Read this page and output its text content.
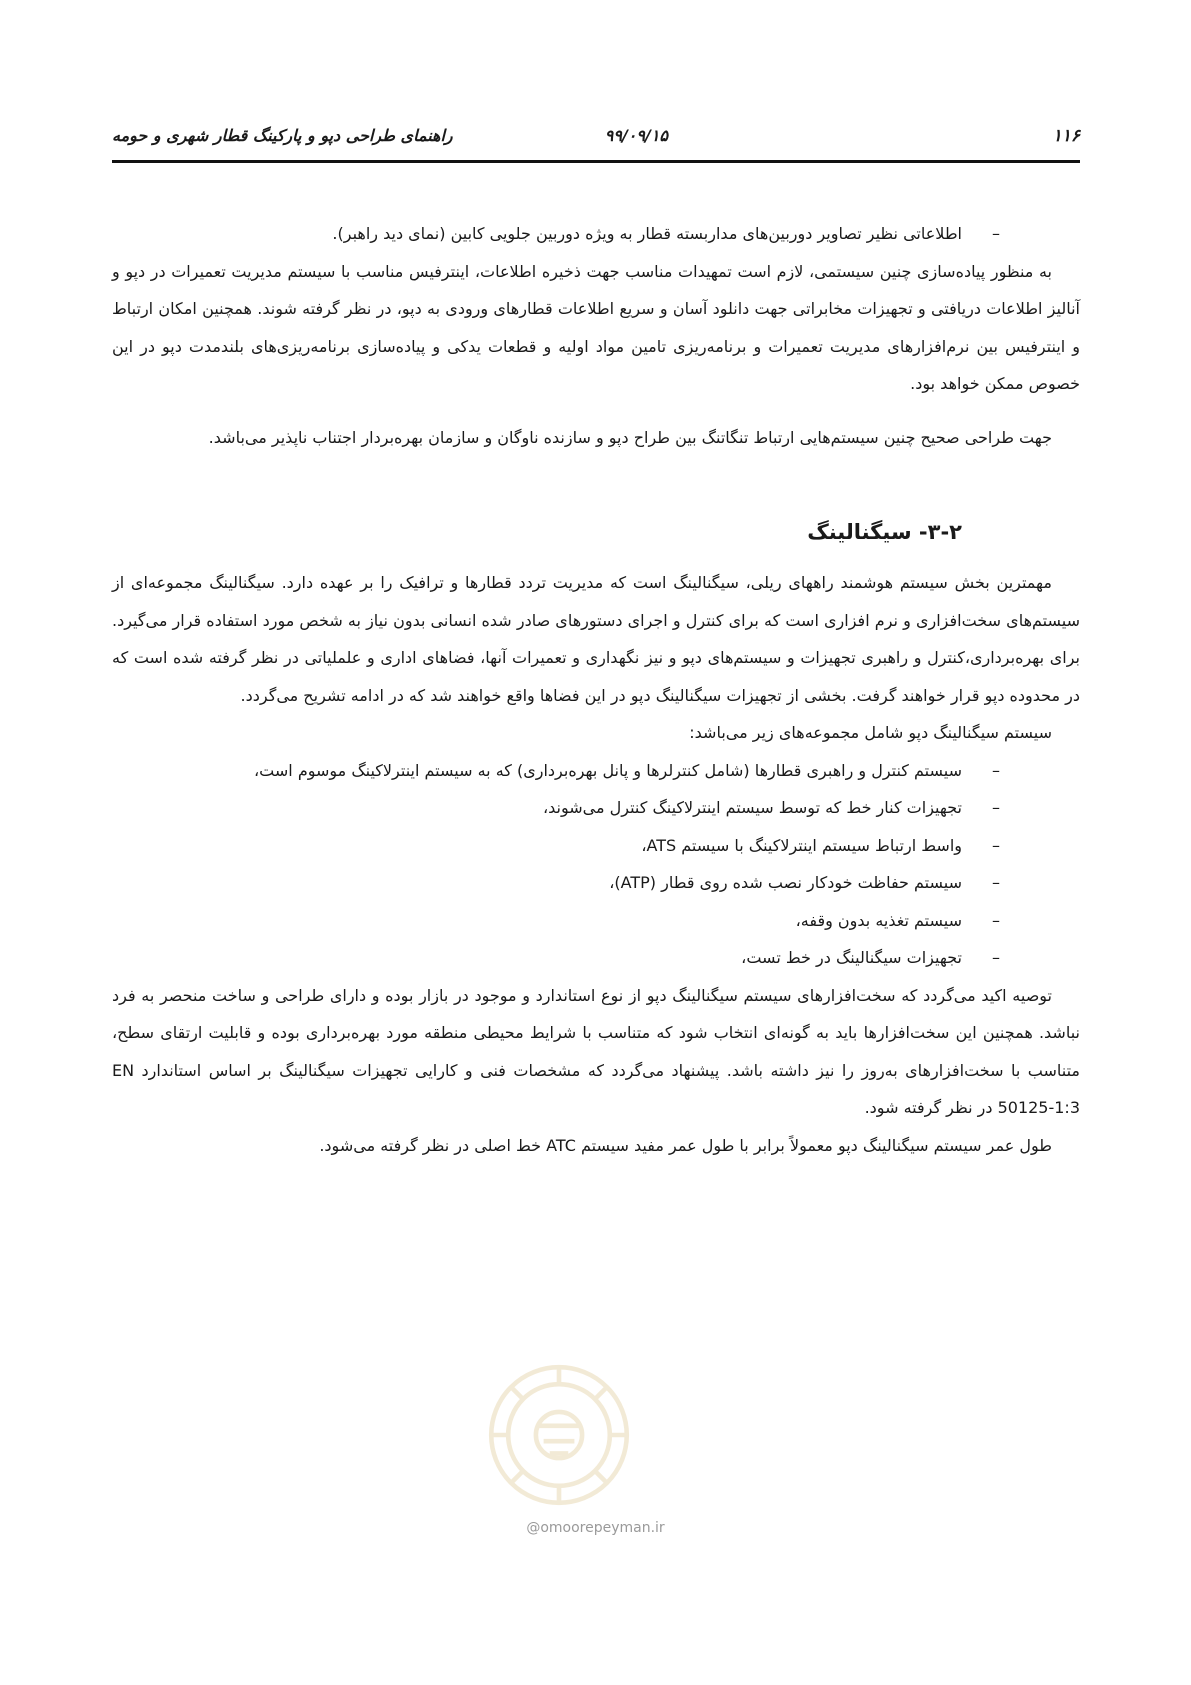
۱۱۶
۹۹/۰۹/۱۵
راهنمای طراحی دپو و پارکینگ قطار شهری و حومه
–
اطلاعاتی نظیر تصاویر دوربین‌های مداربسته قطار به ویژه دوربین جلویی کابین (نمای دید راهبر).

به منظور پیاده‌سازی چنین سیستمی، لازم است تمهیدات مناسب جهت ذخیره اطلاعات، اینترفیس مناسب با سیستم مدیریت تعمیرات در دپو و آنالیز اطلاعات دریافتی و تجهیزات مخابراتی جهت دانلود آسان و سریع اطلاعات قطارهای ورودی به دپو، در نظر گرفته شوند. همچنین امکان ارتباط و اینترفیس بین نرم‌افزارهای مدیریت تعمیرات و برنامه‌ریزی تامین مواد اولیه و قطعات یدکی و پیاده‌سازی برنامه‌ریزی‌های بلندمدت دپو در این خصوص ممکن خواهد بود.

جهت طراحی صحیح چنین سیستم‌هایی ارتباط تنگاتنگ بین طراح دپو و سازنده ناوگان و سازمان بهره‌بردار اجتناب ناپذیر می‌باشد.

۳-۲- سیگنالینگ

مهمترین بخش سیستم هوشمند راههای ریلی، سیگنالینگ است که مدیریت تردد قطارها و ترافیک را بر عهده دارد. سیگنالینگ مجموعه‌ای از سیستم‌های سخت‌افزاری و نرم افزاری است که برای کنترل و اجرای دستورهای صادر شده انسانی بدون نیاز به شخص مورد استفاده قرار می‌گیرد. برای بهره‌برداری،کنترل و راهبری تجهیزات و سیستم‌های دپو و نیز نگهداری و تعمیرات آنها، فضاهای اداری و علملیاتی در نظر گرفته شده است که در محدوده دپو قرار خواهند گرفت. بخشی از تجهیزات سیگنالینگ دپو در این فضاها واقع خواهند شد که در ادامه تشریح می‌گردد.

سیستم سیگنالینگ دپو شامل مجموعه‌های زیر می‌باشد:

–
سیستم کنترل و راهبری قطارها (شامل کنترلرها و پانل بهره‌برداری) که به سیستم اینترلاکینگ موسوم است،
–
تجهیزات کنار خط که توسط سیستم اینترلاکینگ کنترل می‌شوند،
–
واسط ارتباط سیستم اینترلاکینگ با سیستم ATS،
–
سیستم حفاظت خودکار نصب شده روی قطار (ATP)،
–
سیستم تغذیه بدون وقفه،
–
تجهیزات سیگنالینگ در خط تست،

توصیه اکید می‌گردد که سخت‌افزارهای سیستم سیگنالینگ دپو از نوع استاندارد و موجود در بازار بوده و دارای طراحی و ساخت منحصر به فرد نباشد. همچنین این سخت‌افزارها باید به گونه‌ای انتخاب شود که متناسب با شرایط محیطی منطقه مورد بهره‌برداری بوده و قابلیت ارتقای سطح، متناسب با سخت‌افزارهای به‌روز را نیز داشته باشد. پیشنهاد می‌گردد که مشخصات فنی و کارایی تجهیزات سیگنالینگ بر اساس استاندارد EN 50125-1:3 در نظر گرفته شود.

طول عمر سیستم سیگنالینگ دپو معمولاً برابر با طول عمر مفید سیستم ATC خط اصلی در نظر گرفته می‌شود.

@omoorepeyman.ir
